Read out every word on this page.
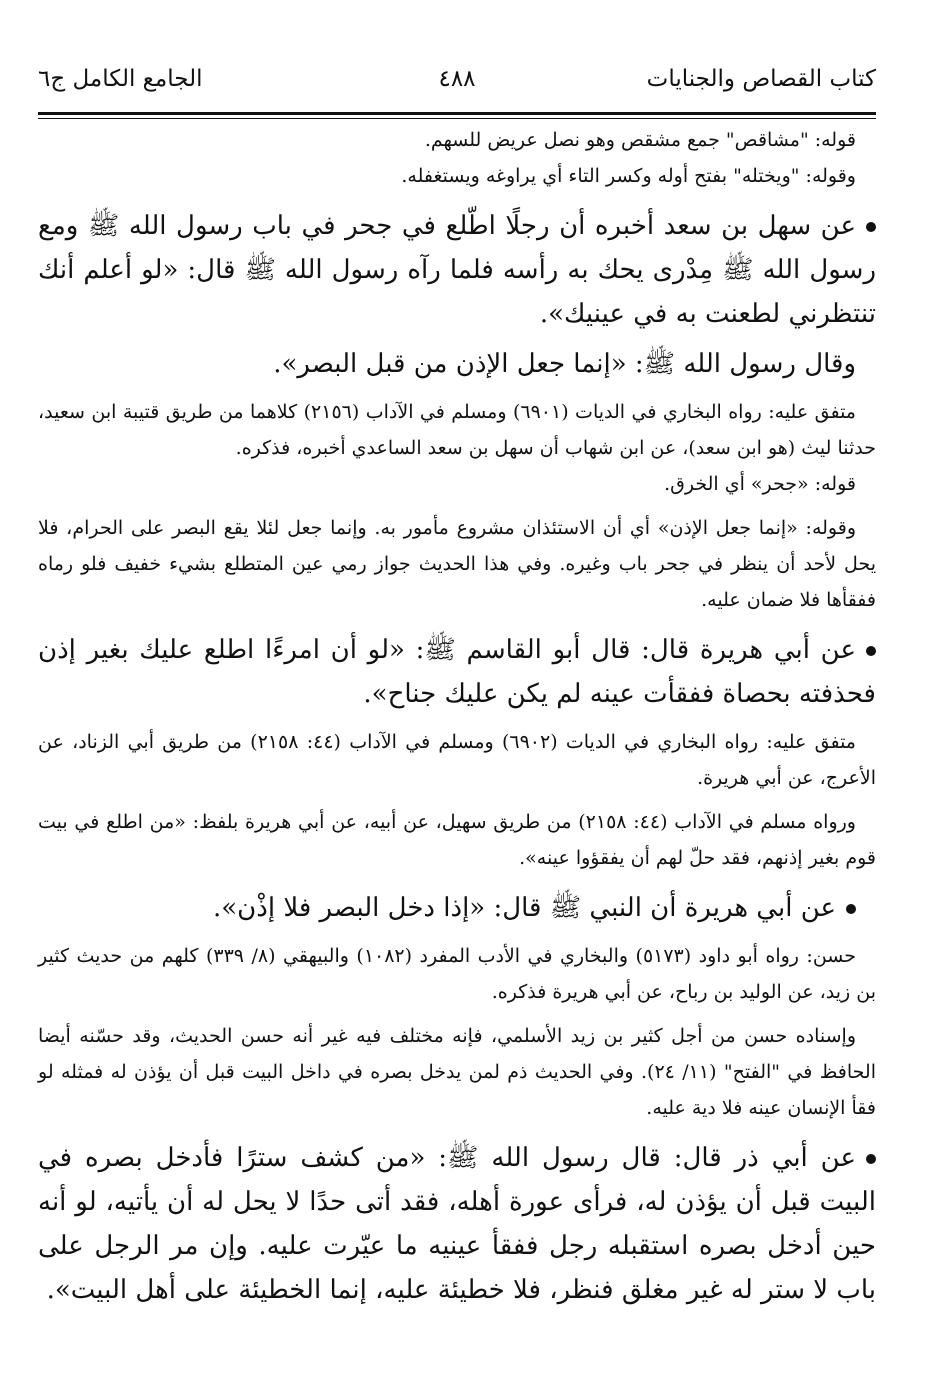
كتاب القصاص والجنايات
٤٨٨
الجامع الكامل ج٦

قوله: "مشاقص" جمع مشقص وهو نصل عريض للسهم.

وقوله: "ويختله" بفتح أوله وكسر التاء أي يراوغه ويستغفله.

عن سهل بن سعد أخبره أن رجلًا اطّلع في جحر في باب رسول الله ﷺ ومع رسول الله ﷺ مِدْرى يحك به رأسه فلما رآه رسول الله ﷺ قال: «لو أعلم أنك تنتظرني لطعنت به في عينيك».

وقال رسول الله ﷺ: «إنما جعل الإذن من قبل البصر».

متفق عليه: رواه البخاري في الديات (٦٩٠١) ومسلم في الآداب (٢١٥٦) كلاهما من طريق قتيبة ابن سعيد، حدثنا ليث (هو ابن سعد)، عن ابن شهاب أن سهل بن سعد الساعدي أخبره، فذكره.

قوله: «جحر» أي الخرق.

وقوله: «إنما جعل الإذن» أي أن الاستئذان مشروع مأمور به. وإنما جعل لئلا يقع البصر على الحرام، فلا يحل لأحد أن ينظر في جحر باب وغيره. وفي هذا الحديث جواز رمي عين المتطلع بشيء خفيف فلو رماه ففقأها فلا ضمان عليه.

عن أبي هريرة قال: قال أبو القاسم ﷺ: «لو أن امرءًا اطلع عليك بغير إذن فحذفته بحصاة ففقأت عينه لم يكن عليك جناح».

متفق عليه: رواه البخاري في الديات (٦٩٠٢) ومسلم في الآداب (٤٤: ٢١٥٨) من طريق أبي الزناد، عن الأعرج، عن أبي هريرة.

ورواه مسلم في الآداب (٤٤: ٢١٥٨) من طريق سهيل، عن أبيه، عن أبي هريرة بلفظ: «من اطلع في بيت قوم بغير إذنهم، فقد حلّ لهم أن يفقؤوا عينه».

عن أبي هريرة أن النبي ﷺ قال: «إذا دخل البصر فلا إذْن».

حسن: رواه أبو داود (٥١٧٣) والبخاري في الأدب المفرد (١٠٨٢) والبيهقي (٨/ ٣٣٩) كلهم من حديث كثير بن زيد، عن الوليد بن رباح، عن أبي هريرة فذكره.

وإسناده حسن من أجل كثير بن زيد الأسلمي، فإنه مختلف فيه غير أنه حسن الحديث، وقد حسّنه أيضا الحافظ في "الفتح" (١١/ ٢٤). وفي الحديث ذم لمن يدخل بصره في داخل البيت قبل أن يؤذن له فمثله لو فقأ الإنسان عينه فلا دية عليه.

عن أبي ذر قال: قال رسول الله ﷺ: «من كشف سترًا فأدخل بصره في البيت قبل أن يؤذن له، فرأى عورة أهله، فقد أتى حدًا لا يحل له أن يأتيه، لو أنه حين أدخل بصره استقبله رجل ففقأ عينيه ما عيّرت عليه. وإن مر الرجل على باب لا ستر له غير مغلق فنظر، فلا خطيئة عليه، إنما الخطيئة على أهل البيت».
